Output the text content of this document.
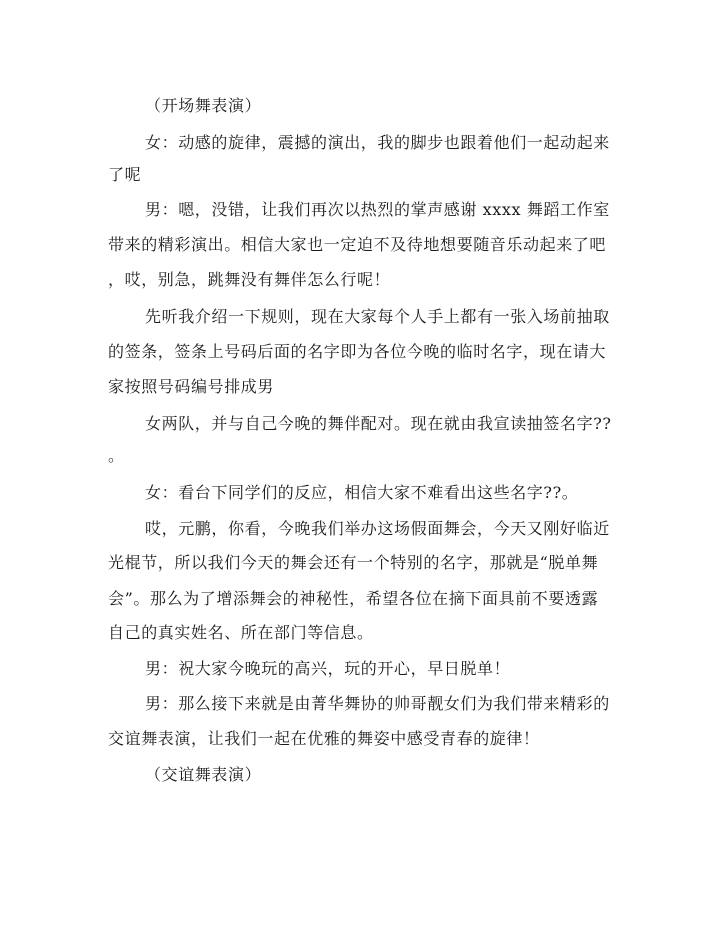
（开场舞表演）
女：动感的旋律，震撼的演出，我的脚步也跟着他们一起动起来
了呢
男：嗯，没错，让我们再次以热烈的掌声感谢 xxxx 舞蹈工作室
带来的精彩演出。相信大家也一定迫不及待地想要随音乐动起来了吧
，哎，别急，跳舞没有舞伴怎么行呢！
先听我介绍一下规则，现在大家每个人手上都有一张入场前抽取
的签条，签条上号码后面的名字即为各位今晚的临时名字，现在请大
家按照号码编号排成男
女两队，并与自己今晚的舞伴配对。现在就由我宣读抽签名字??
。
女：看台下同学们的反应，相信大家不难看出这些名字??。
哎，元鹏，你看，今晚我们举办这场假面舞会，今天又刚好临近
光棍节，所以我们今天的舞会还有一个特别的名字，那就是“脱单舞
会”。那么为了增添舞会的神秘性，希望各位在摘下面具前不要透露
自己的真实姓名、所在部门等信息。
男：祝大家今晚玩的高兴，玩的开心，早日脱单！
男：那么接下来就是由菁华舞协的帅哥靓女们为我们带来精彩的
交谊舞表演，让我们一起在优雅的舞姿中感受青春的旋律！
（交谊舞表演）
